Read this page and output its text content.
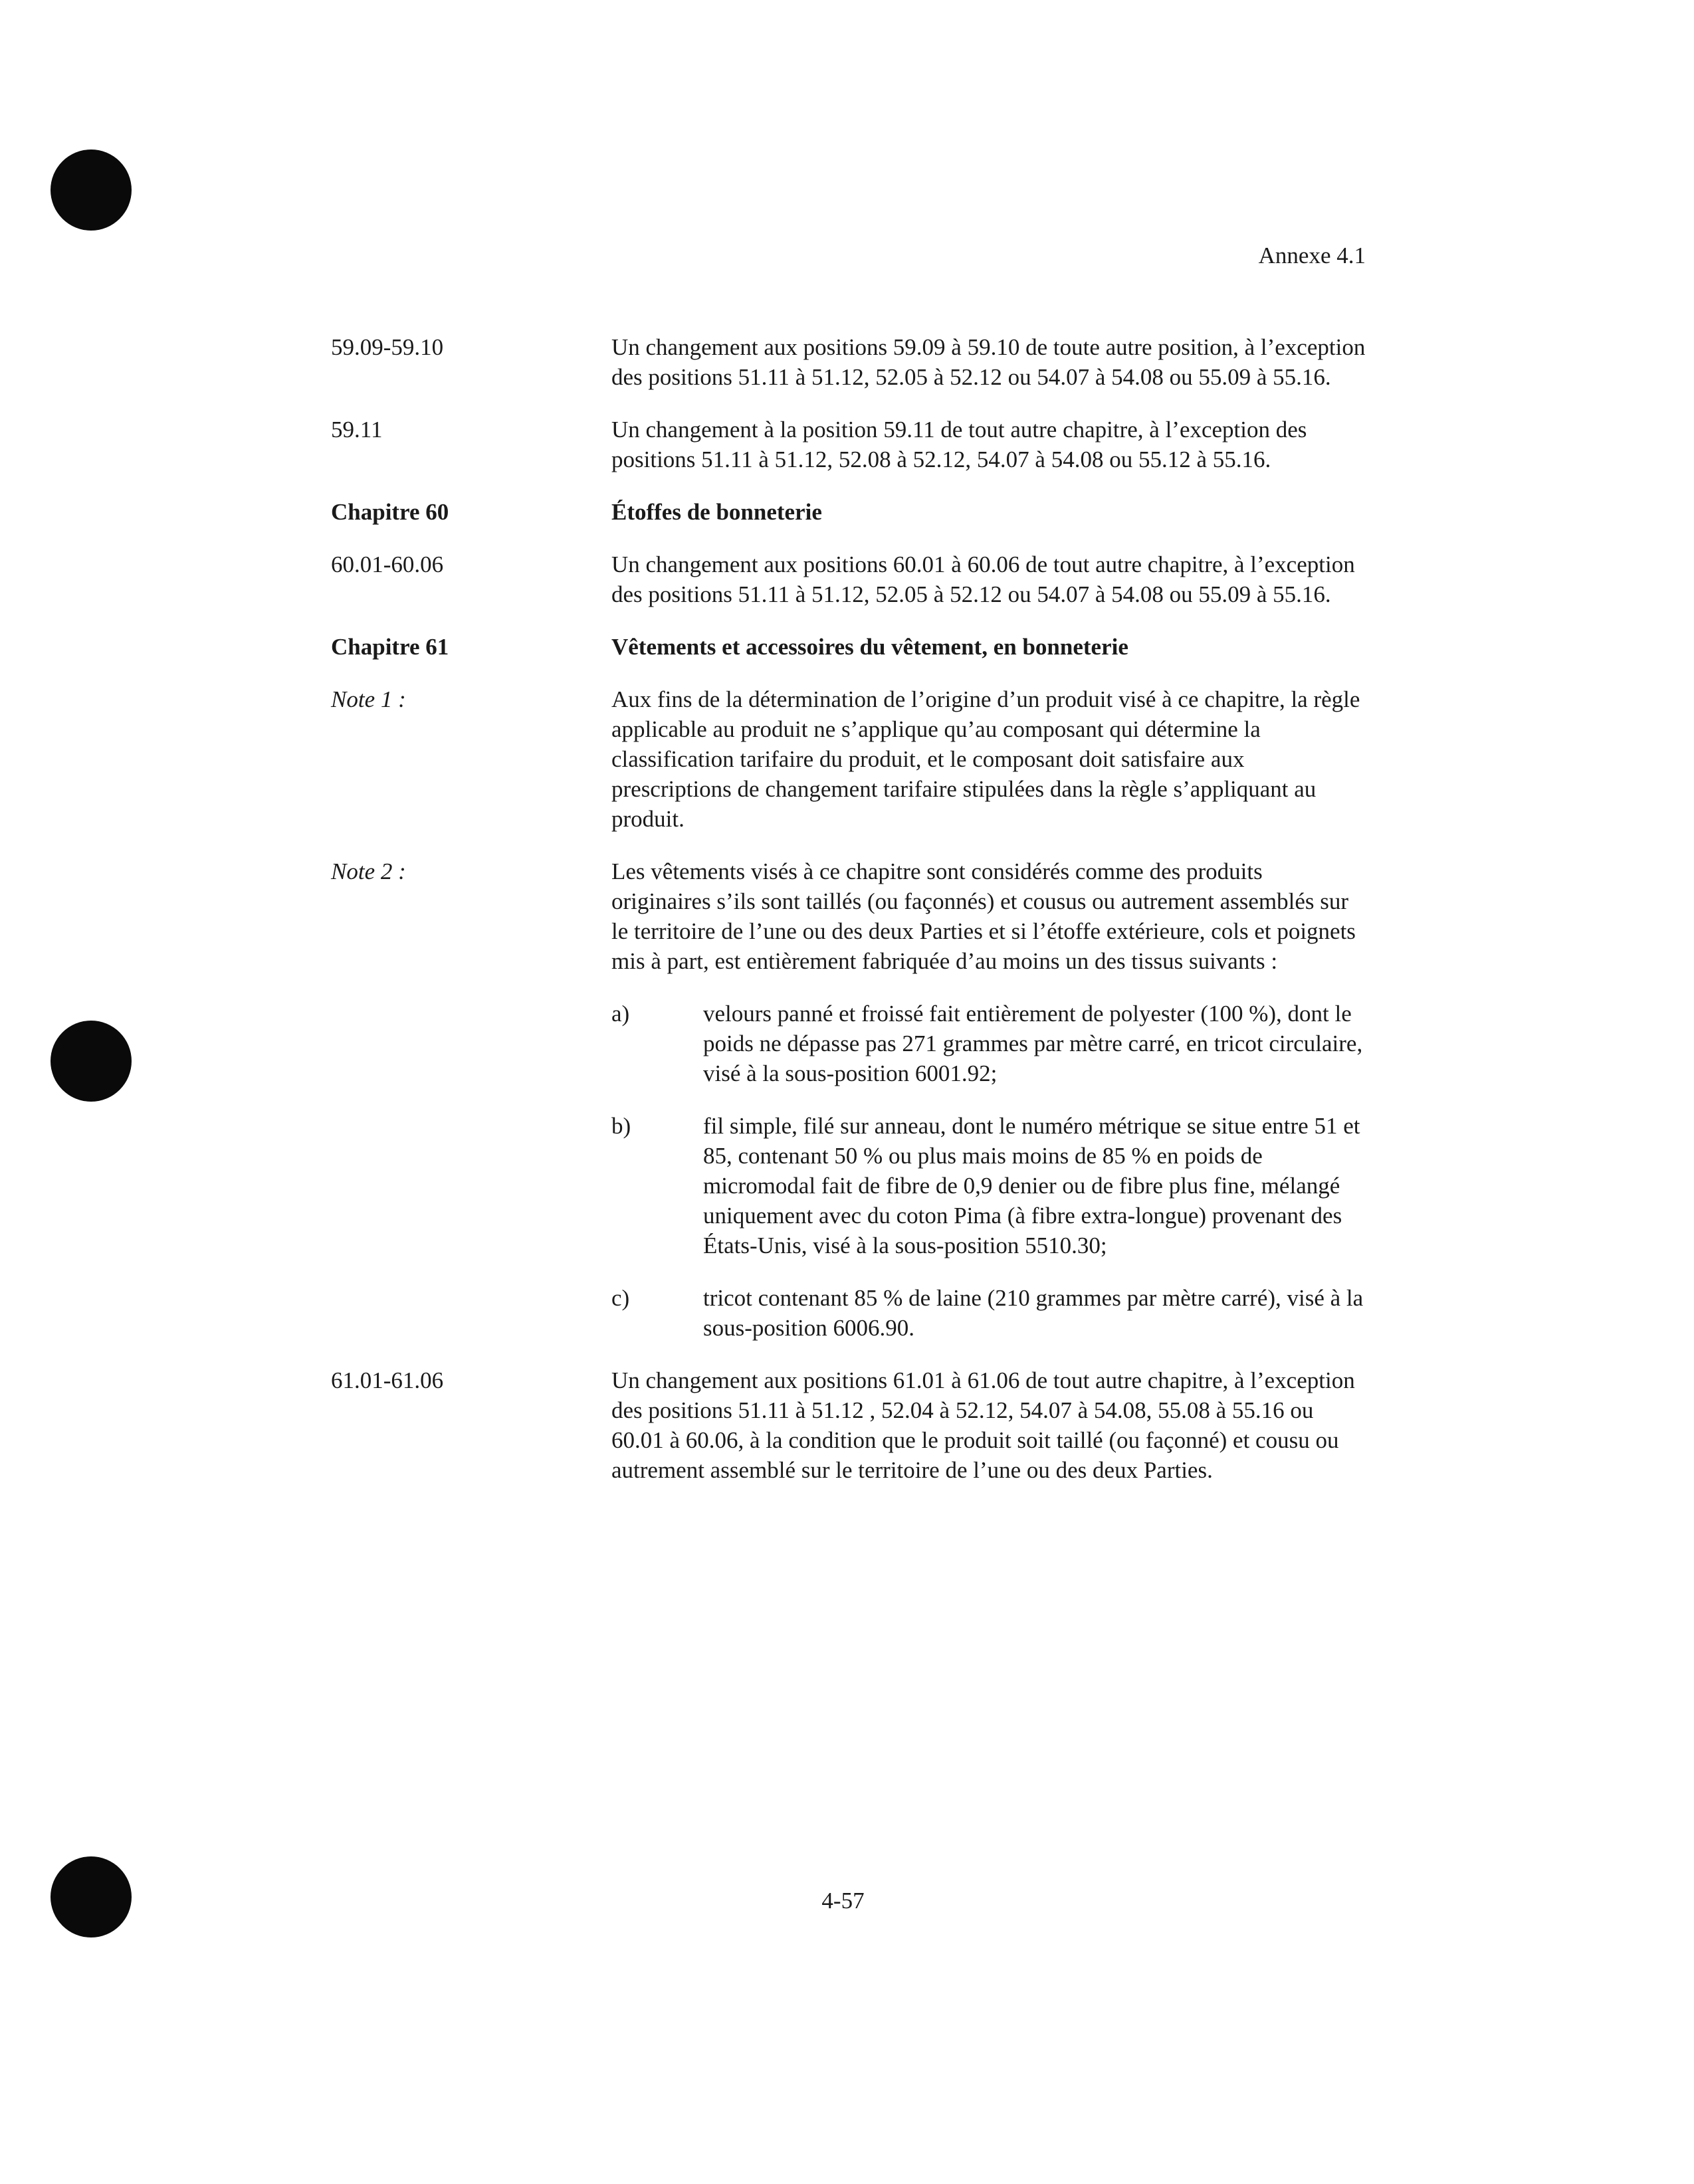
Annexe 4.1
59.09-59.10	Un changement aux positions 59.09 à 59.10 de toute autre position, à l’exception des positions 51.11 à 51.12, 52.05 à 52.12 ou 54.07 à 54.08 ou 55.09 à 55.16.
59.11	Un changement à la position 59.11 de tout autre chapitre, à l’exception des positions 51.11 à 51.12, 52.08 à 52.12, 54.07 à 54.08 ou 55.12 à 55.16.
Chapitre 60	Étoffes de bonneterie
60.01-60.06	Un changement aux positions 60.01 à 60.06 de tout autre chapitre, à l’exception des positions 51.11 à 51.12, 52.05 à 52.12 ou 54.07 à 54.08 ou 55.09 à 55.16.
Chapitre 61	Vêtements et accessoires du vêtement, en bonneterie
Note 1 :	Aux fins de la détermination de l’origine d’un produit visé à ce chapitre, la règle applicable au produit ne s’applique qu’au composant qui détermine la classification tarifaire du produit, et le composant doit satisfaire aux prescriptions de changement tarifaire stipulées dans la règle s’appliquant au produit.
Note 2 :	Les vêtements visés à ce chapitre sont considérés comme des produits originaires s’ils sont taillés (ou façonnés) et cousus ou autrement assemblés sur le territoire de l’une ou des deux Parties et si l’étoffe extérieure, cols et poignets mis à part, est entièrement fabriquée d’au moins un des tissus suivants :
a)	velours panné et froissé fait entièrement de polyester (100 %), dont le poids ne dépasse pas 271 grammes par mètre carré, en tricot circulaire, visé à la sous-position 6001.92;
b)	fil simple, filé sur anneau, dont le numéro métrique se situe entre 51 et 85, contenant 50 % ou plus mais moins de 85 % en poids de micromodal fait de fibre de 0,9 denier ou de fibre plus fine, mélangé uniquement avec du coton Pima (à fibre extra-longue) provenant des États-Unis, visé à la sous-position 5510.30;
c)	tricot contenant 85 % de laine (210 grammes par mètre carré), visé à la sous-position 6006.90.
61.01-61.06	Un changement aux positions 61.01 à 61.06 de tout autre chapitre, à l’exception des positions 51.11 à 51.12 , 52.04 à 52.12, 54.07 à 54.08, 55.08 à 55.16 ou 60.01 à 60.06, à la condition que le produit soit taillé (ou façonné) et cousu ou autrement assemblé sur le territoire de l’une ou des deux Parties.
4-57
